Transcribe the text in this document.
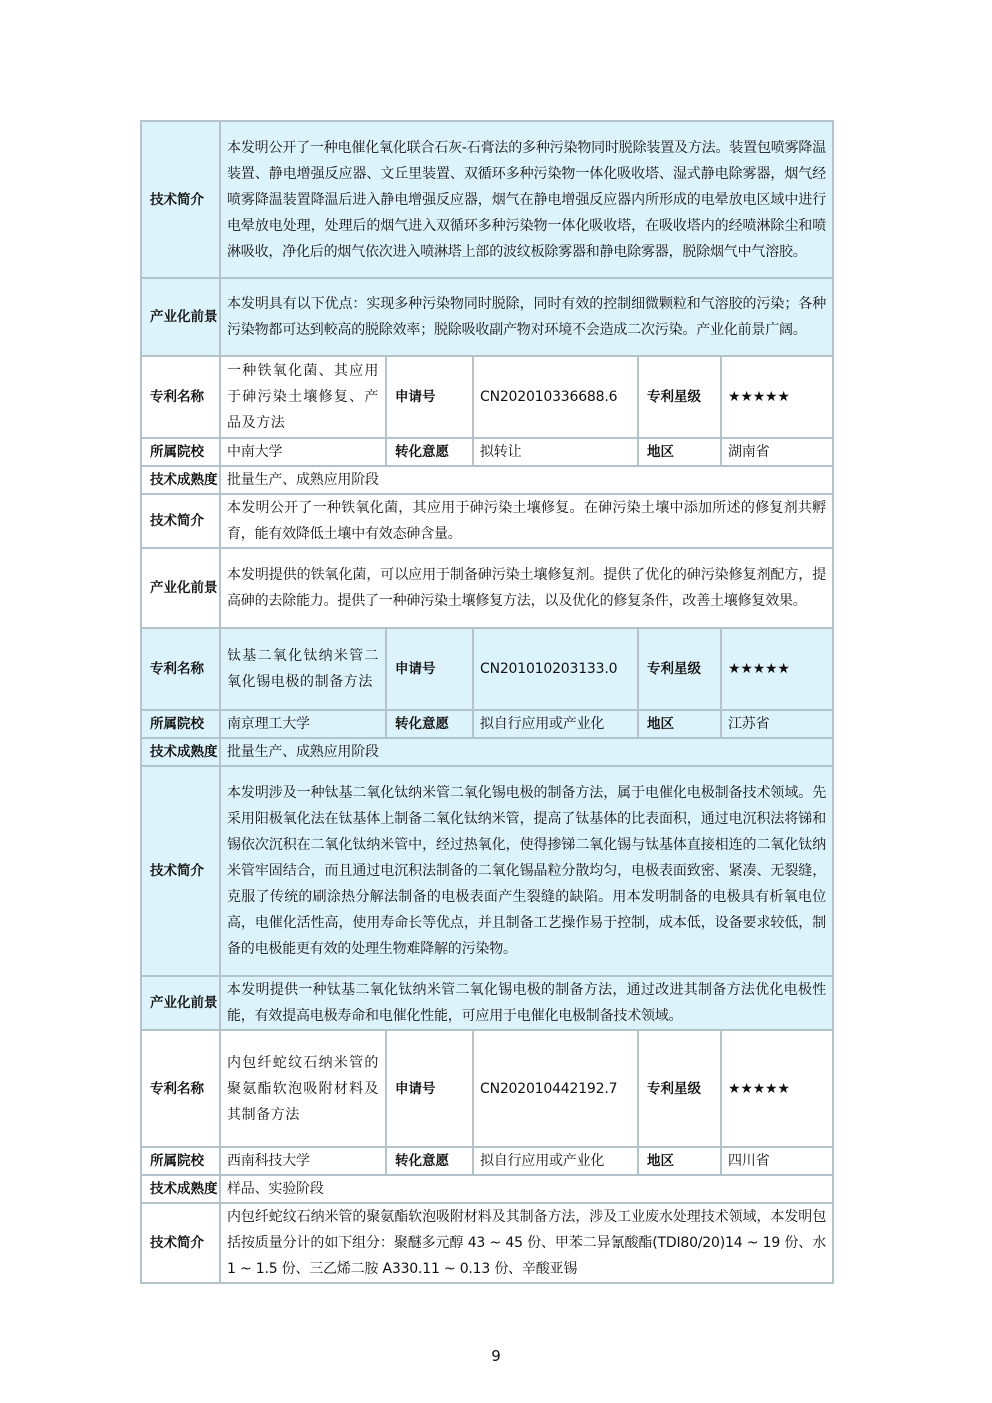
技术简介	本发明公开了一种电催化氧化联合石灰-石膏法的多种污染物同时脱除装置及方法。装置包喷雾降温装置、静电增强反应器、文丘里装置、双循环多种污染物一体化吸收塔、湿式静电除雾器，烟气经喷雾降温装置降温后进入静电增强反应器，烟气在静电增强反应器内所形成的电晕放电区域中进行电晕放电处理，处理后的烟气进入双循环多种污染物一体化吸收塔，在吸收塔内的经喷淋除尘和喷淋吸收，净化后的烟气依次进入喷淋塔上部的波纹板除雾器和静电除雾器，脱除烟气中气溶胶。				
产业化前景	本发明具有以下优点：实现多种污染物同时脱除，同时有效的控制细微颗粒和气溶胶的污染；各种污染物都可达到較高的脱除效率；脱除吸收副产物对环境不会造成二次污染。产业化前景广阔。				
专利名称	一种铁氧化菌、其应用于砷污染土壤修复、产品及方法	申请号	CN202010336688.6	专利星级	★★★★★
所属院校	中南大学	转化意愿	拟转让	地区	湖南省
技术成熟度	批量生产、成熟应用阶段				
技术简介	本发明公开了一种铁氧化菌，其应用于砷污染土壤修复。在砷污染土壤中添加所述的修复剂共孵育，能有效降低土壤中有效态砷含量。				
产业化前景	本发明提供的铁氧化菌，可以应用于制备砷污染土壤修复剂。提供了优化的砷污染修复剂配方，提高砷的去除能力。提供了一种砷污染土壤修复方法，以及优化的修复条件，改善土壤修复效果。				
专利名称	钛基二氧化钛纳米管二氧化锡电极的制备方法	申请号	CN201010203133.0	专利星级	★★★★★
所属院校	南京理工大学	转化意愿	拟自行应用或产业化	地区	江苏省
技术成熟度	批量生产、成熟应用阶段				
技术简介	本发明涉及一种钛基二氧化钛纳米管二氧化锡电极的制备方法，属于电催化电极制备技术领域。先采用阳极氧化法在钛基体上制备二氧化钛纳米管，提高了钛基体的比表面积，通过电沉积法将锑和锡依次沉积在二氧化钛纳米管中，经过热氧化，使得掺锑二氧化锡与钛基体直接相连的二氧化钛纳米管牢固结合，而且通过电沉积法制备的二氧化锡晶粒分散均匀，电极表面致密、紧凑、无裂缝，克服了传统的刷涂热分解法制备的电极表面产生裂缝的缺陷。用本发明制备的电极具有析氧电位高，电催化活性高，使用寿命长等优点，并且制备工艺操作易于控制，成本低，设备要求较低，制备的电极能更有效的处理生物难降解的污染物。				
产业化前景	本发明提供一种钛基二氧化钛纳米管二氧化锡电极的制备方法，通过改进其制备方法优化电极性能，有效提高电极寿命和电催化性能，可应用于电催化电极制备技术领域。				
专利名称	内包纤蛇纹石纳米管的聚氨酯软泡吸附材料及其制备方法	申请号	CN202010442192.7	专利星级	★★★★★
所属院校	西南科技大学	转化意愿	拟自行应用或产业化	地区	四川省
技术成熟度	样品、实验阶段				
技术简介	内包纤蛇纹石纳米管的聚氨酯软泡吸附材料及其制备方法，涉及工业废水处理技术领域，本发明包括按质量分计的如下组分：聚醚多元醇 43 ~ 45 份、甲苯二异氰酸酯(TDI80/20)14 ~ 19 份、水 1 ~ 1.5 份、三乙烯二胺 A330.11 ~ 0.13 份、辛酸亚锡				
9
